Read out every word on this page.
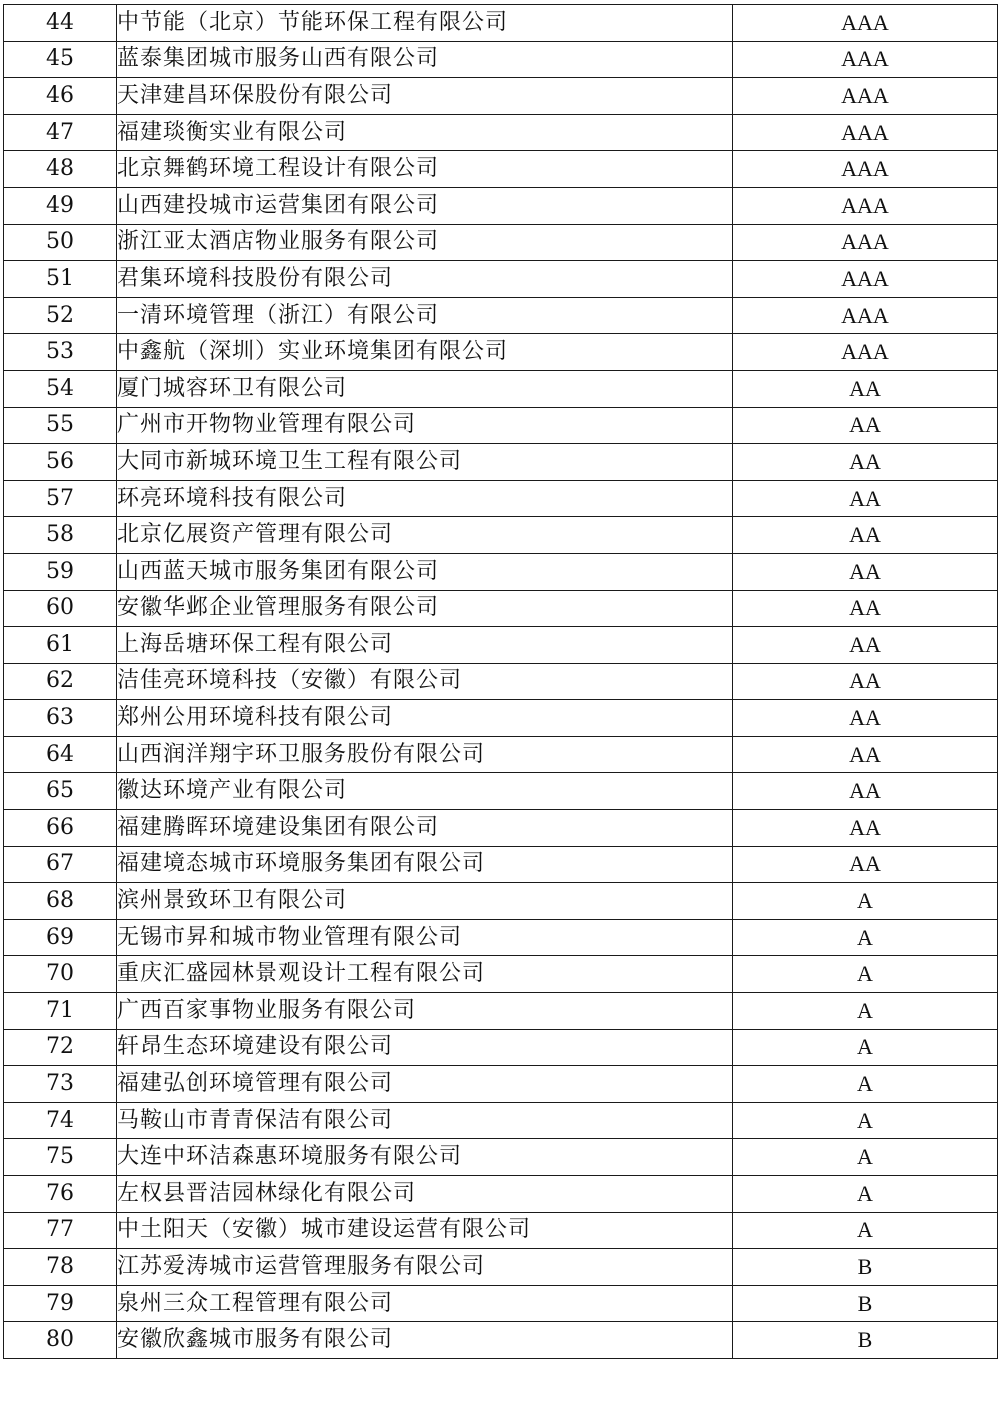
44	中节能（北京）节能环保工程有限公司	AAA
45	蓝泰集团城市服务山西有限公司	AAA
46	天津建昌环保股份有限公司	AAA
47	福建琰衡实业有限公司	AAA
48	北京舞鹤环境工程设计有限公司	AAA
49	山西建投城市运营集团有限公司	AAA
50	浙江亚太酒店物业服务有限公司	AAA
51	君集环境科技股份有限公司	AAA
52	一清环境管理（浙江）有限公司	AAA
53	中鑫航（深圳）实业环境集团有限公司	AAA
54	厦门城容环卫有限公司	AA
55	广州市开物物业管理有限公司	AA
56	大同市新城环境卫生工程有限公司	AA
57	环亮环境科技有限公司	AA
58	北京亿展资产管理有限公司	AA
59	山西蓝天城市服务集团有限公司	AA
60	安徽华邺企业管理服务有限公司	AA
61	上海岳塘环保工程有限公司	AA
62	洁佳亮环境科技（安徽）有限公司	AA
63	郑州公用环境科技有限公司	AA
64	山西润洋翔宇环卫服务股份有限公司	AA
65	徽达环境产业有限公司	AA
66	福建腾晖环境建设集团有限公司	AA
67	福建境态城市环境服务集团有限公司	AA
68	滨州景致环卫有限公司	A
69	无锡市昇和城市物业管理有限公司	A
70	重庆汇盛园林景观设计工程有限公司	A
71	广西百家事物业服务有限公司	A
72	轩昂生态环境建设有限公司	A
73	福建弘创环境管理有限公司	A
74	马鞍山市青青保洁有限公司	A
75	大连中环洁森惠环境服务有限公司	A
76	左权县晋洁园林绿化有限公司	A
77	中土阳天（安徽）城市建设运营有限公司	A
78	江苏爱涛城市运营管理服务有限公司	B
79	泉州三众工程管理有限公司	B
80	安徽欣鑫城市服务有限公司	B
